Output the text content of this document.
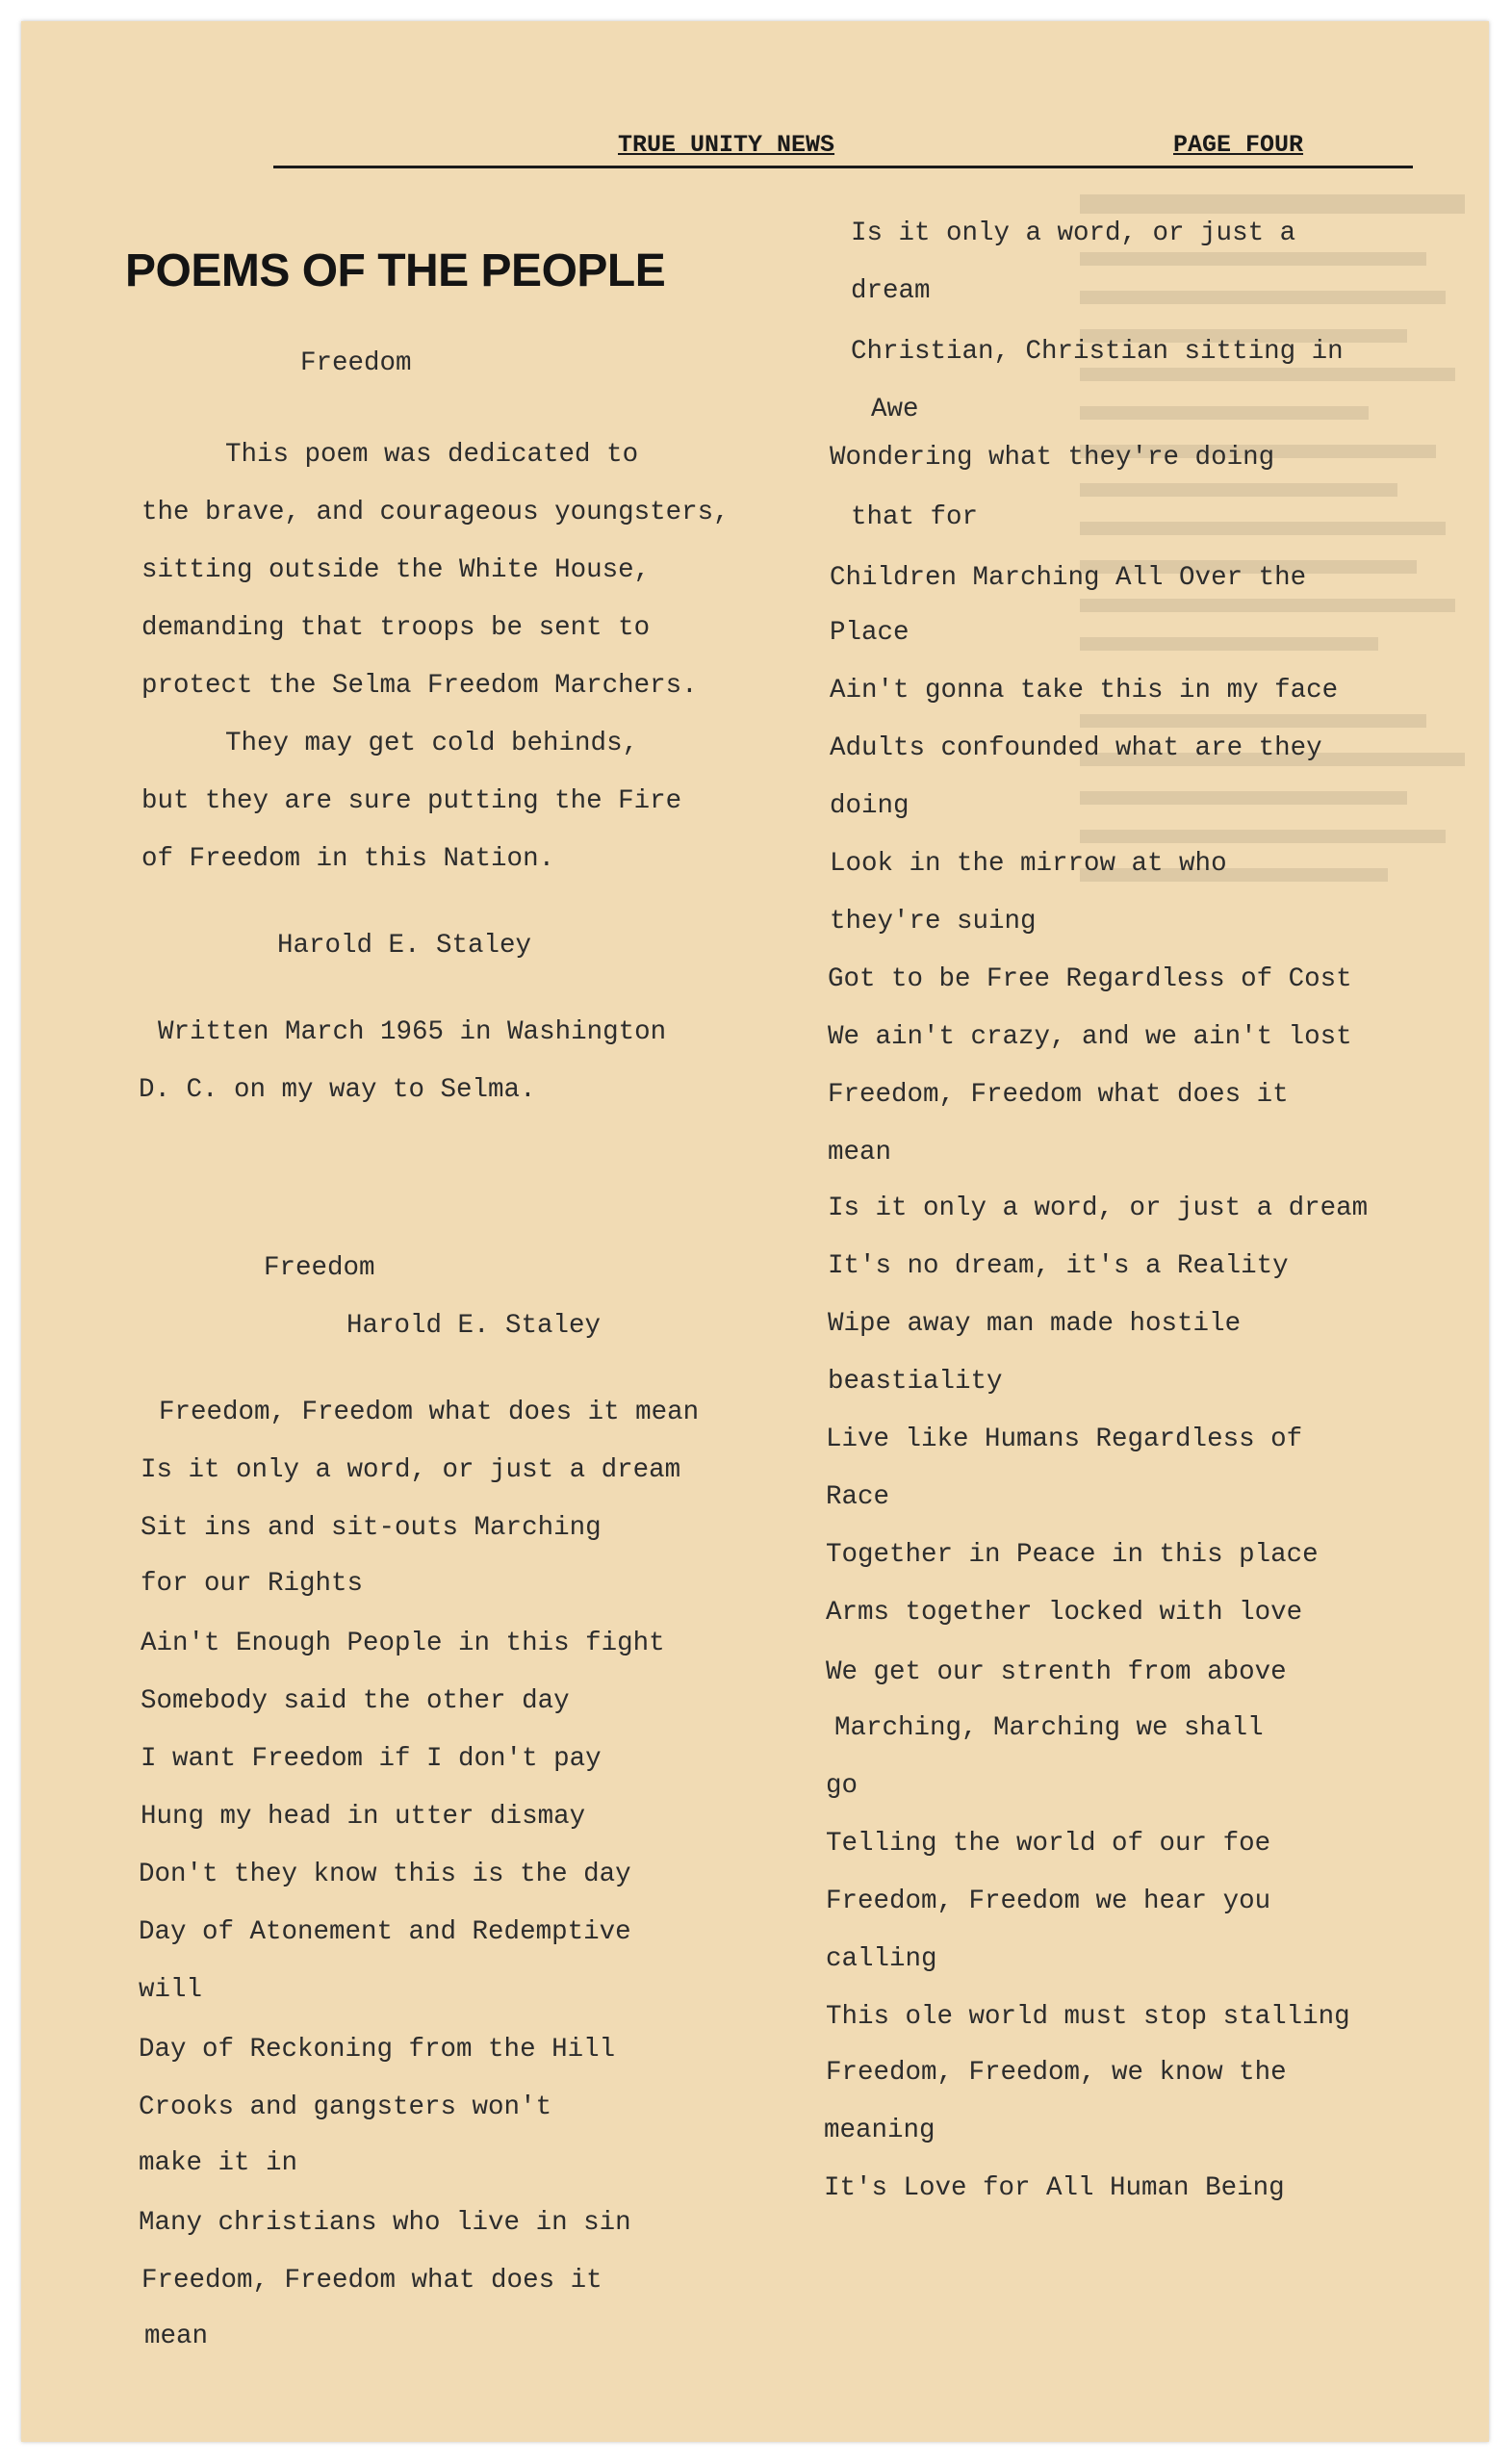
TRUE UNITY NEWS	PAGE FOUR
POEMS OF THE PEOPLE
Freedom
This poem was dedicated to
the brave, and courageous youngsters,
sitting outside the White House,
demanding that troops be sent to
protect the Selma Freedom Marchers.
They may get cold behinds,
but they are sure putting the Fire
of Freedom in this Nation.
Harold E. Staley
Written March 1965 in Washington
D. C. on my way to Selma.
Freedom
Harold E. Staley
Freedom, Freedom what does it mean
Is it only a word, or just a dream
Sit ins and sit-outs Marching
for our Rights
Ain't Enough People in this fight
Somebody said the other day
I want Freedom if I don't pay
Hung my head in utter dismay
Don't they know this is the day
Day of Atonement and Redemptive
will
Day of Reckoning from the Hill
Crooks and gangsters won't
make it in
Many christians who live in sin
Freedom, Freedom what does it
mean
Is it only a word, or just a
dream
Christian, Christian sitting in
Awe
Wondering what they're doing
that for
Children Marching All Over the
Place
Ain't gonna take this in my face
Adults confounded what are they
doing
Look in the mirrow at who
they're suing
Got to be Free Regardless of Cost
We ain't crazy, and we ain't lost
Freedom, Freedom what does it
mean
Is it only a word, or just a dream
It's no dream, it's a Reality
Wipe away man made hostile
beastiality
Live like Humans Regardless of
Race
Together in Peace in this place
Arms together locked with love
We get our strenth from above
Marching, Marching we shall
go
Telling the world of our foe
Freedom, Freedom we hear you
calling
This ole world must stop stalling
Freedom, Freedom, we know the
meaning
It's Love for All Human Being
